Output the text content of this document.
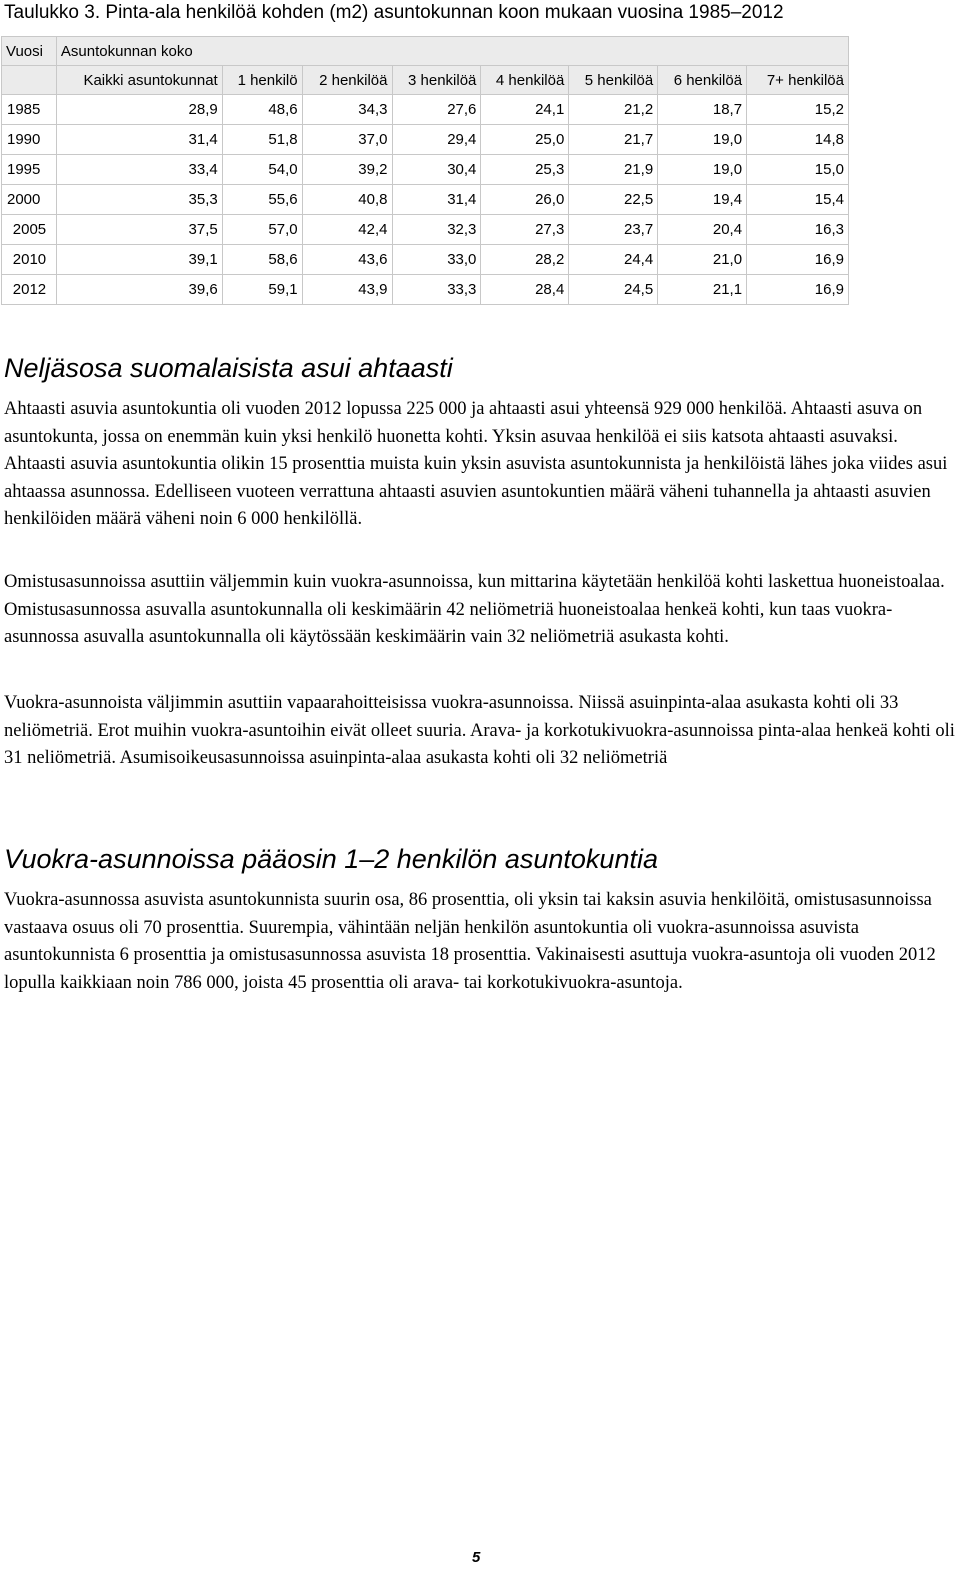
Taulukko 3. Pinta-ala henkilöä kohden (m2) asuntokunnan koon mukaan vuosina 1985–2012
Vuosi	Asuntokunnan koko							
	Kaikki asuntokunnat	1 henkilö	2 henkilöä	3 henkilöä	4 henkilöä	5 henkilöä	6 henkilöä	7+ henkilöä
1985	28,9	48,6	34,3	27,6	24,1	21,2	18,7	15,2
1990	31,4	51,8	37,0	29,4	25,0	21,7	19,0	14,8
1995	33,4	54,0	39,2	30,4	25,3	21,9	19,0	15,0
2000	35,3	55,6	40,8	31,4	26,0	22,5	19,4	15,4
2005	37,5	57,0	42,4	32,3	27,3	23,7	20,4	16,3
2010	39,1	58,6	43,6	33,0	28,2	24,4	21,0	16,9
2012	39,6	59,1	43,9	33,3	28,4	24,5	21,1	16,9
Neljäsosa suomalaisista asui ahtaasti

Ahtaasti asuvia asuntokuntia oli vuoden 2012 lopussa 225 000 ja ahtaasti asui yhteensä 929 000 henkilöä. Ahtaasti asuva on asuntokunta, jossa on enemmän kuin yksi henkilö huonetta kohti. Yksin asuvaa henkilöä ei siis katsota ahtaasti asuvaksi. Ahtaasti asuvia asuntokuntia olikin 15 prosenttia muista kuin yksin asuvista asuntokunnista ja henkilöistä lähes joka viides asui ahtaassa asunnossa. Edelliseen vuoteen verrattuna ahtaasti asuvien asuntokuntien määrä väheni tuhannella ja ahtaasti asuvien henkilöiden määrä väheni noin 6 000 henkilöllä.

Omistusasunnoissa asuttiin väljemmin kuin vuokra-asunnoissa, kun mittarina käytetään henkilöä kohti laskettua huoneistoalaa. Omistusasunnossa asuvalla asuntokunnalla oli keskimäärin 42 neliömetriä huoneistoalaa henkeä kohti, kun taas vuokra-asunnossa asuvalla asuntokunnalla oli käytössään keskimäärin vain 32 neliömetriä asukasta kohti.

Vuokra-asunnoista väljimmin asuttiin vapaarahoitteisissa vuokra-asunnoissa. Niissä asuinpinta-alaa asukasta kohti oli 33 neliömetriä. Erot muihin vuokra-asuntoihin eivät olleet suuria. Arava- ja korkotukivuokra-asunnoissa pinta-alaa henkeä kohti oli 31 neliömetriä. Asumisoikeusasunnoissa asuinpinta-alaa asukasta kohti oli 32 neliömetriä

Vuokra-asunnoissa pääosin 1–2 henkilön asuntokuntia

Vuokra-asunnossa asuvista asuntokunnista suurin osa, 86 prosenttia, oli yksin tai kaksin asuvia henkilöitä, omistusasunnoissa vastaava osuus oli 70 prosenttia. Suurempia, vähintään neljän henkilön asuntokuntia oli vuokra-asunnoissa asuvista asuntokunnista 6 prosenttia ja omistusasunnossa asuvista 18 prosenttia. Vakinaisesti asuttuja vuokra-asuntoja oli vuoden 2012 lopulla kaikkiaan noin 786 000, joista 45 prosenttia oli arava- tai korkotukivuokra-asuntoja.

5
